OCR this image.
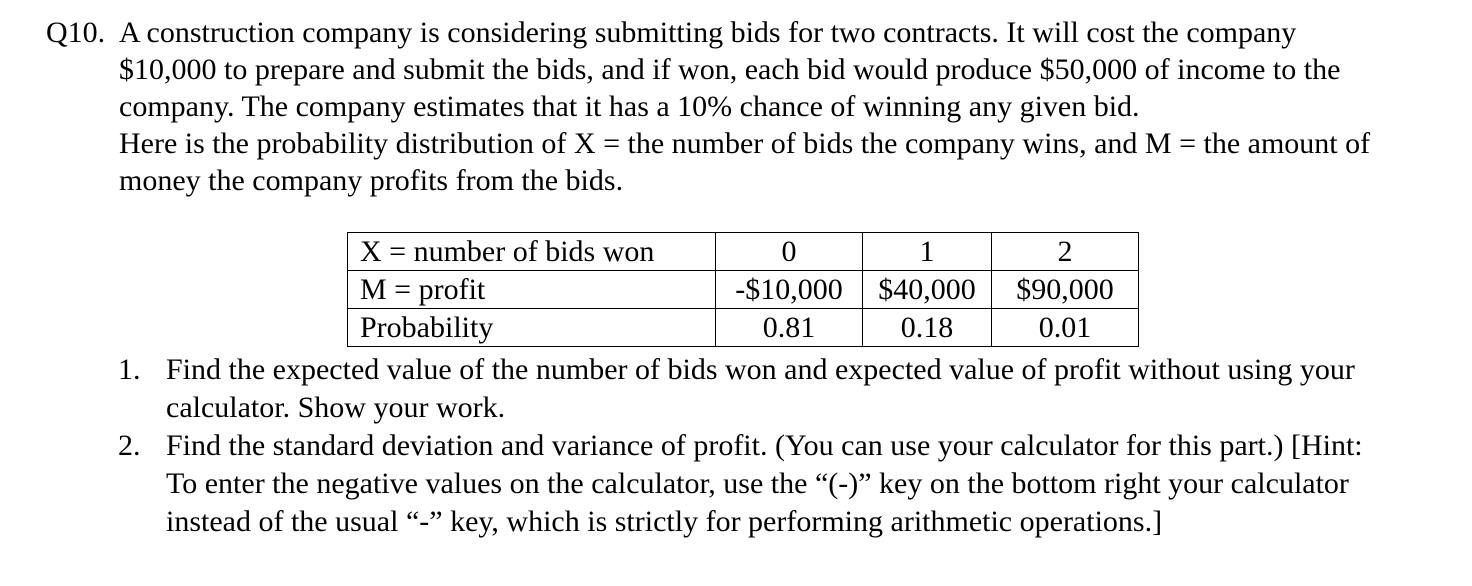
Q10. A construction company is considering submitting bids for two contracts. It will cost the company $10,000 to prepare and submit the bids, and if won, each bid would produce $50,000 of income to the company. The company estimates that it has a 10% chance of winning any given bid.
Here is the probability distribution of X = the number of bids the company wins, and M = the amount of money the company profits from the bids.
X = number of bids won	0	1	2
M = profit	-$10,000	$40,000	$90,000
Probability	0.81	0.18	0.01
1. Find the expected value of the number of bids won and expected value of profit without using your calculator. Show your work.
2. Find the standard deviation and variance of profit. (You can use your calculator for this part.) [Hint: To enter the negative values on the calculator, use the “(-)” key on the bottom right your calculator instead of the usual “-” key, which is strictly for performing arithmetic operations.]
